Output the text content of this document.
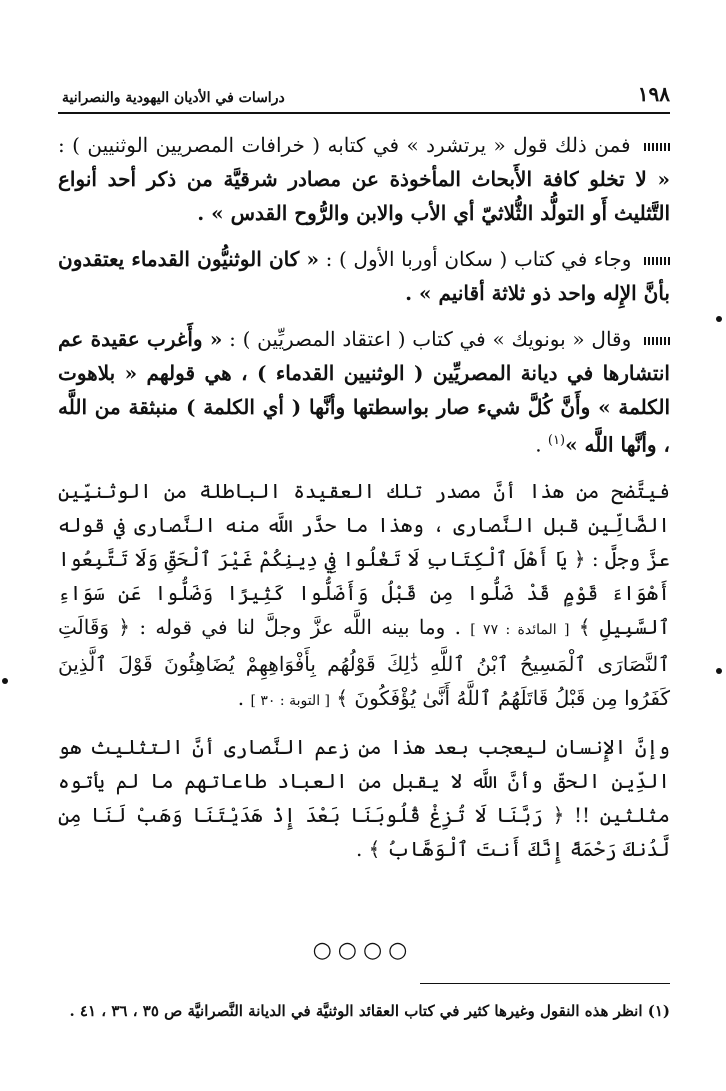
١٩٨
دراسات في الأديان اليهودية والنصرانية

فمن ذلك قول « يرتشرد » في كتابه ( خرافات المصريين الوثنيين ) : « لا تخلو كافة الأَبحاث المأخوذة عن مصادر شرقيَّة من ذكر أحد أنواع التَّثليث أَو التولُّد الثُّلاثيّ أي الأب والابن والرُّوح القدس » .

وجاء في كتاب ( سكان أوربا الأول ) : « كان الوثنيُّون القدماء يعتقدون بأنَّ الإِله واحد ذو ثلاثة أقانيم » .

وقال « بونويك » في كتاب ( اعتقاد المصريِّين ) : « وأَغرب عقيدة عم انتشارها في ديانة المصريِّين ( الوثنيين القدماء ) ، هي قولهم « بلاهوت الكلمة » وأَنَّ كُلَّ شيء صار بواسطتها وأنَّها ( أي الكلمة ) منبثقة من اللَّه ، وأنَّها اللَّه »$^{(١)}$ .

فيتَّضح من هذا أنَّ مصدر تلك العقيدة الباطلة من الوثنيِّين الضَّالِّين قبل النَّصارى ، وهذا ما حذَّر اللَّه منه النَّصارى في قوله عزَّ وجلَّ : ﴿ يَا أَهْلَ ٱلْكِتَابِ لَا تَغْلُوا فِي دِينِكُمْ غَيْرَ ٱلْحَقِّ وَلَا تَتَّبِعُوا أَهْوَاءَ قَوْمٍ قَدْ ضَلُّوا مِن قَبْلُ وَأَضَلُّوا كَثِيرًا وَضَلُّوا عَن سَوَاءِ ٱلسَّبِيلِ ﴾ [ المائدة : ٧٧ ] . وما بينه اللَّه عزَّ وجلَّ لنا في قوله : ﴿ وَقَالَتِ ٱلنَّصَارَى ٱلْمَسِيحُ ٱبْنُ ٱللَّهِ ذَٰلِكَ قَوْلُهُم بِأَفْوَاهِهِمْ يُضَاهِئُونَ قَوْلَ ٱلَّذِينَ كَفَرُوا مِن قَبْلُ قَاتَلَهُمُ ٱللَّهُ أَنَّىٰ يُؤْفَكُونَ ﴾ [ التوبة : ٣٠ ] .

وإنَّ الإِنسان ليعجب بعد هذا من زعم النَّصارى أنَّ التثليث هو الدِّين الحقّ وأنَّ اللَّه لا يقبل من العباد طاعاتهم ما لم يأتوه مثلثين !! ﴿ رَبَّنَا لَا تُزِغْ قُلُوبَنَا بَعْدَ إِذْ هَدَيْتَنَا وَهَبْ لَنَا مِن لَّدُنكَ رَحْمَةً إِنَّكَ أَنتَ ٱلْوَهَّابُ ﴾ .

○○○○
(١) انظر هذه النقول وغيرها كثير في كتاب العقائد الوثنيَّة في الديانة النَّصرانيَّة ص ٣٥ ، ٣٦ ، ٤١ .
